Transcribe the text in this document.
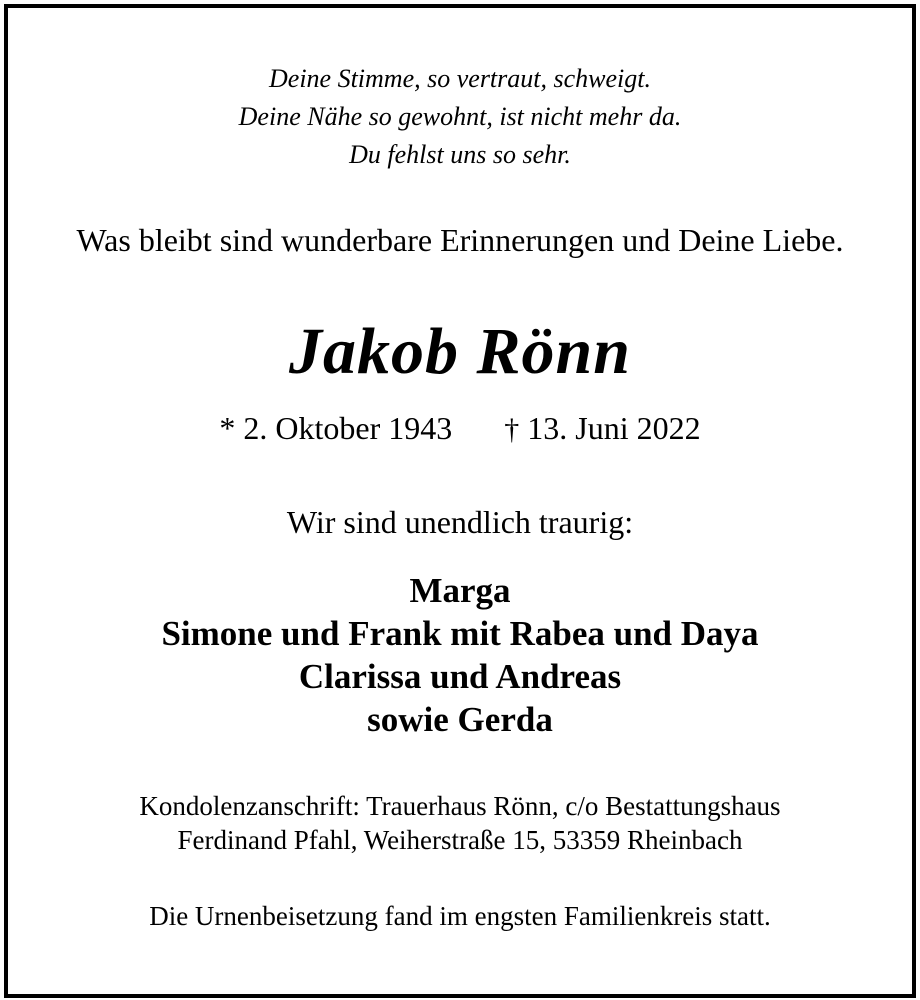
Deine Stimme, so vertraut, schweigt.
Deine Nähe so gewohnt, ist nicht mehr da.
Du fehlst uns so sehr.
Was bleibt sind wunderbare Erinnerungen und Deine Liebe.
Jakob Rönn
* 2. Oktober 1943 † 13. Juni 2022
Wir sind unendlich traurig:
Marga
Simone und Frank mit Rabea und Daya
Clarissa und Andreas
sowie Gerda
Kondolenzanschrift: Trauerhaus Rönn, c/o Bestattungshaus
Ferdinand Pfahl, Weiherstraße 15, 53359 Rheinbach
Die Urnenbeisetzung fand im engsten Familienkreis statt.
